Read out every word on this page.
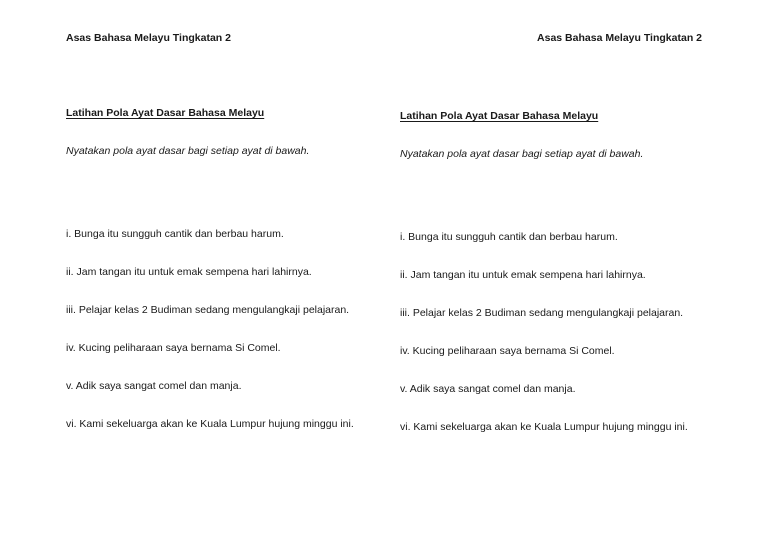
Asas Bahasa Melayu Tingkatan 2
Latihan Pola Ayat Dasar Bahasa Melayu
Nyatakan pola ayat dasar bagi setiap ayat di bawah.
i. Bunga itu sungguh cantik dan berbau harum.
ii. Jam tangan itu untuk emak sempena hari lahirnya.
iii. Pelajar kelas 2 Budiman sedang mengulangkaji pelajaran.
iv. Kucing peliharaan saya bernama Si Comel.
v. Adik saya sangat comel dan manja.
vi. Kami sekeluarga akan ke Kuala Lumpur hujung minggu ini.
Asas Bahasa Melayu Tingkatan 2
Latihan Pola Ayat Dasar Bahasa Melayu
Nyatakan pola ayat dasar bagi setiap ayat di bawah.
i. Bunga itu sungguh cantik dan berbau harum.
ii. Jam tangan itu untuk emak sempena hari lahirnya.
iii. Pelajar kelas 2 Budiman sedang mengulangkaji pelajaran.
iv. Kucing peliharaan saya bernama Si Comel.
v. Adik saya sangat comel dan manja.
vi. Kami sekeluarga akan ke Kuala Lumpur hujung minggu ini.
